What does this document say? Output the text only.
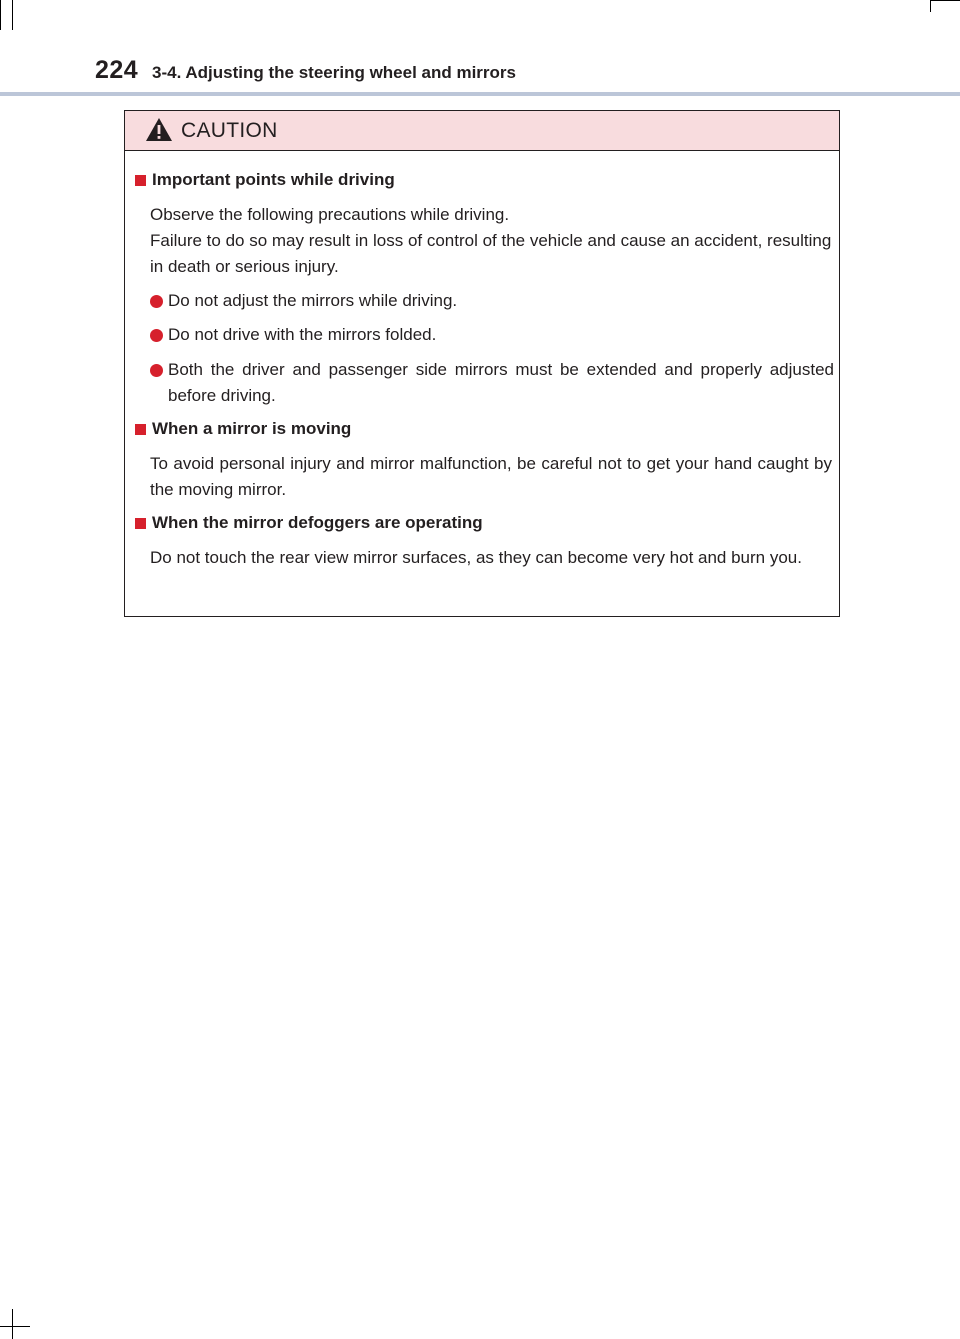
224 3-4. Adjusting the steering wheel and mirrors
CAUTION
Important points while driving
Observe the following precautions while driving.
Failure to do so may result in loss of control of the vehicle and cause an accident, resulting in death or serious injury.
Do not adjust the mirrors while driving.
Do not drive with the mirrors folded.
Both the driver and passenger side mirrors must be extended and properly adjusted before driving.
When a mirror is moving
To avoid personal injury and mirror malfunction, be careful not to get your hand caught by the moving mirror.
When the mirror defoggers are operating
Do not touch the rear view mirror surfaces, as they can become very hot and burn you.
